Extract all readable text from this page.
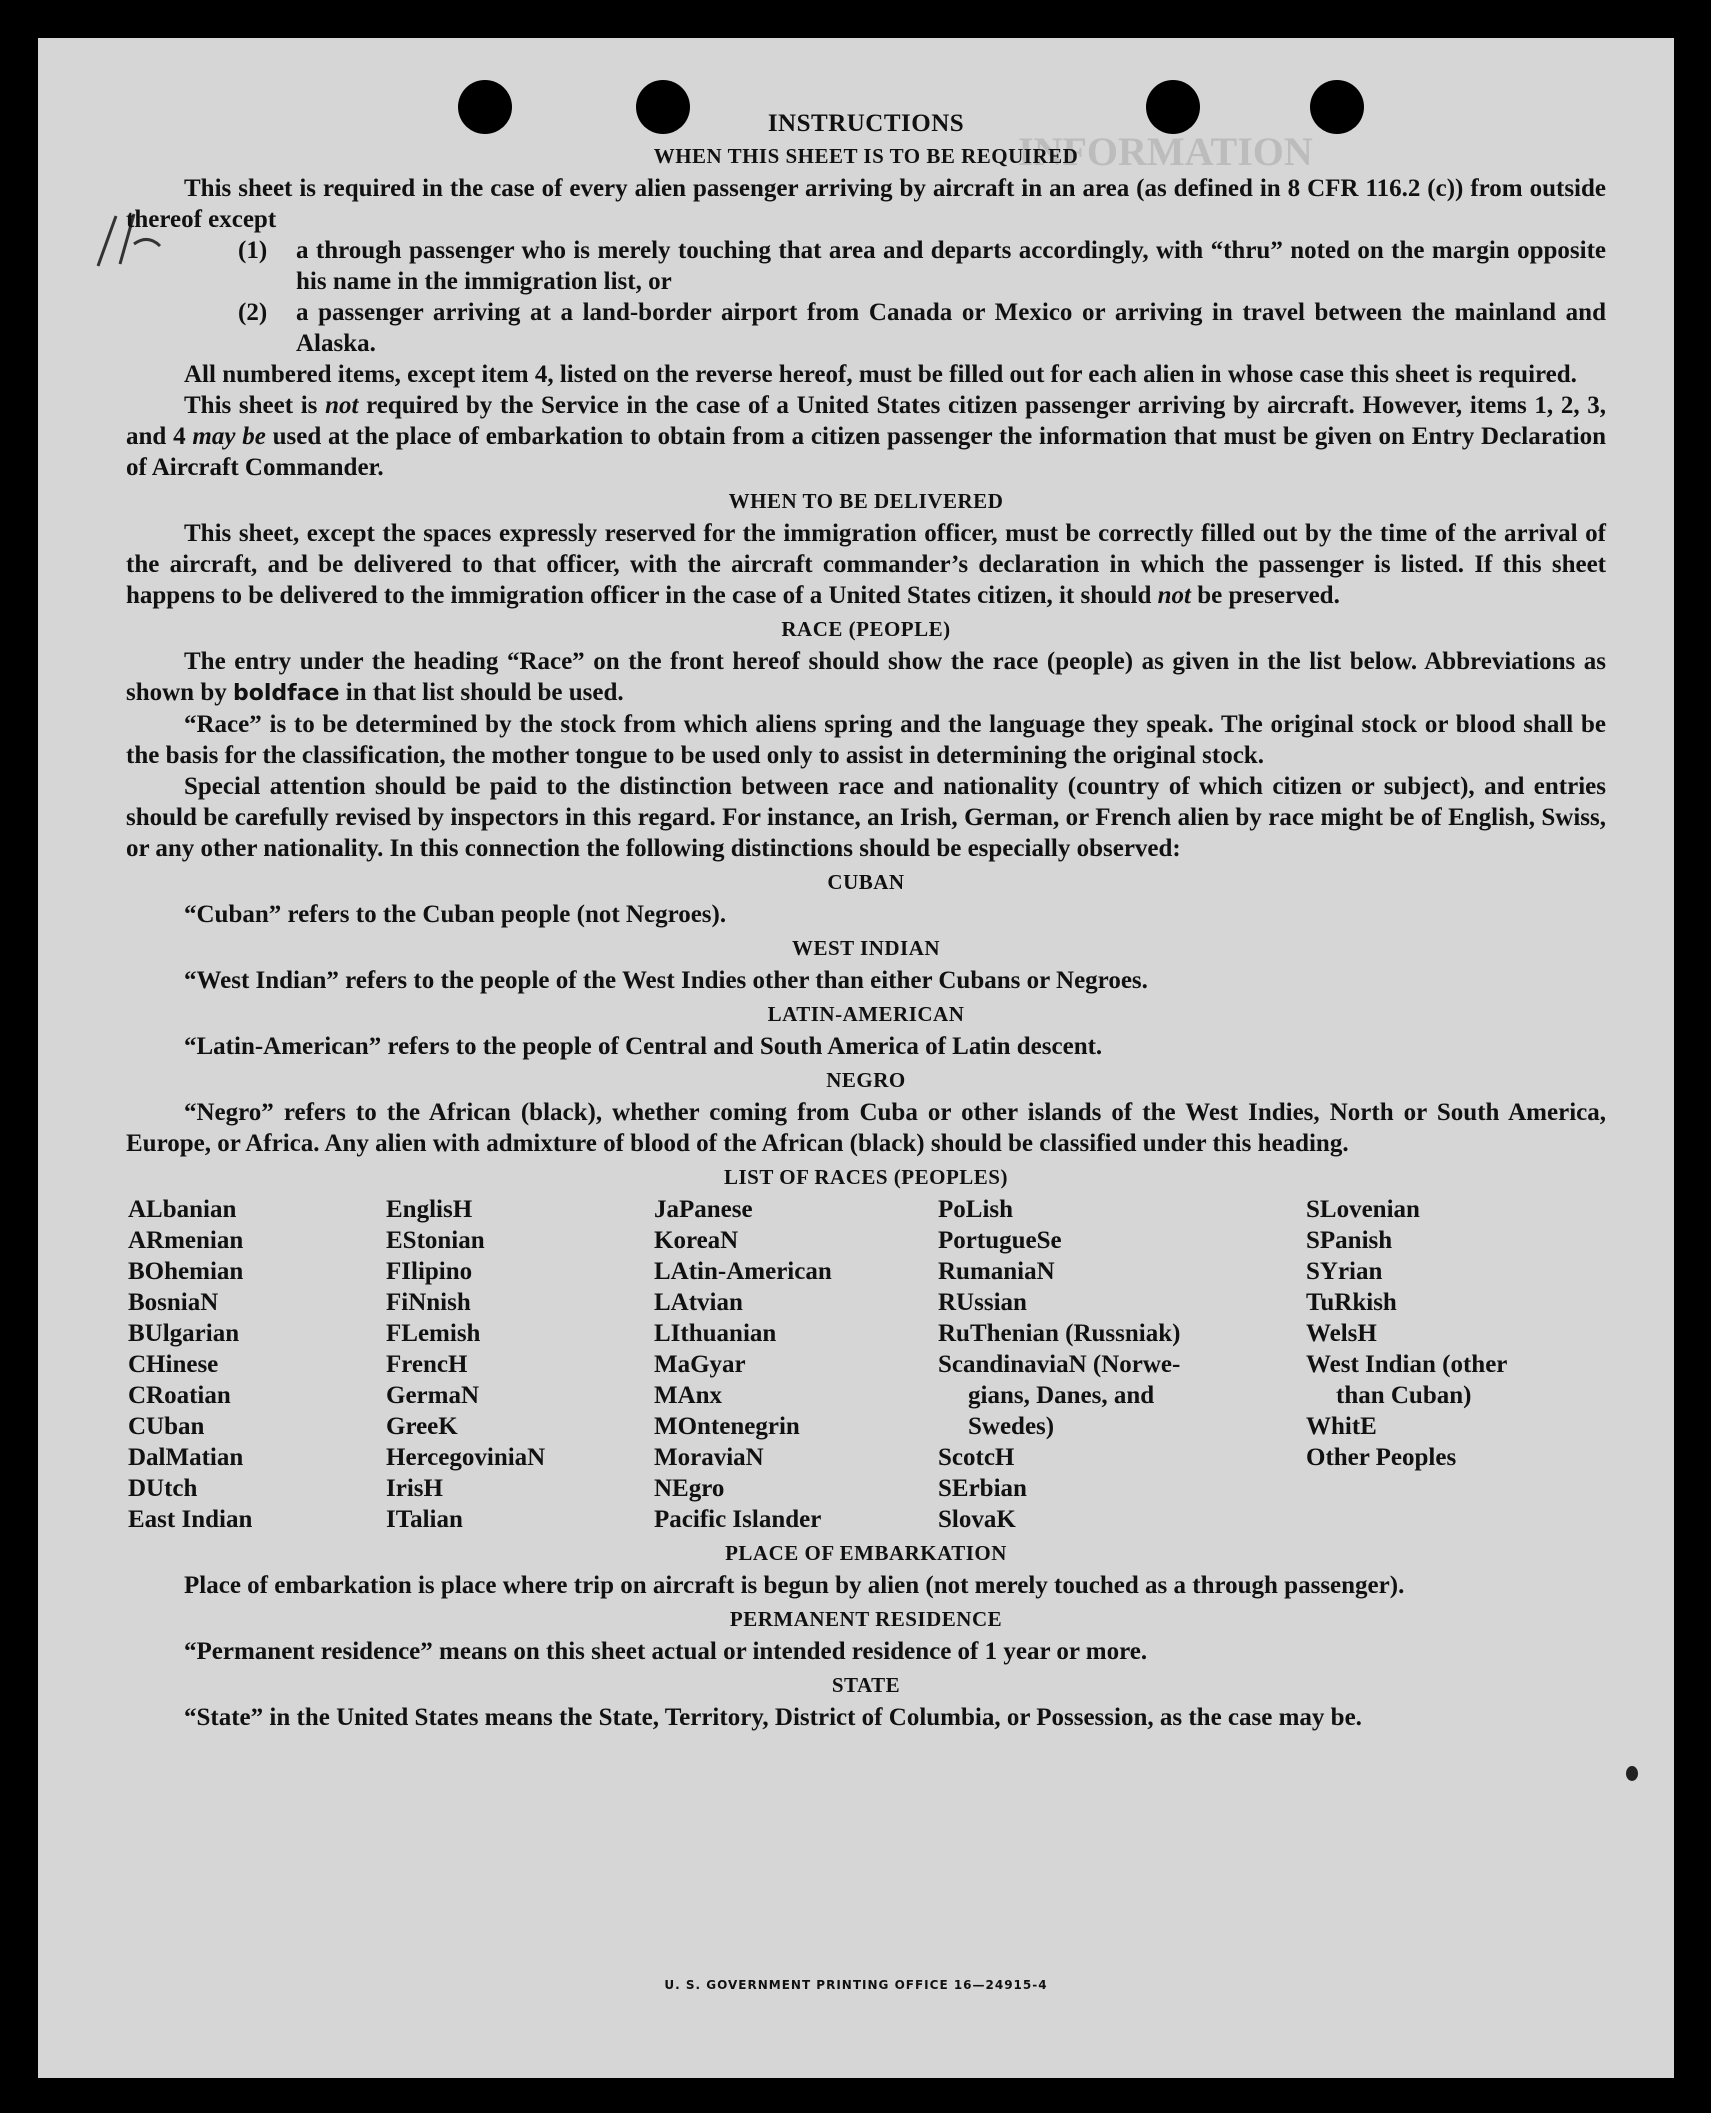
INFORMATION
INSTRUCTIONS
WHEN THIS SHEET IS TO BE REQUIRED

This sheet is required in the case of every alien passenger arriving by aircraft in an area (as defined in 8 CFR 116.2 (c)) from outside thereof except

(1)	a through passenger who is merely touching that area and departs accordingly, with “thru” noted on the margin opposite his name in the immigration list, or
(2)	a passenger arriving at a land-border airport from Canada or Mexico or arriving in travel between the mainland and Alaska.

All numbered items, except item 4, listed on the reverse hereof, must be filled out for each alien in whose case this sheet is required.

This sheet is not required by the Service in the case of a United States citizen passenger arriving by aircraft. However, items 1, 2, 3, and 4 may be used at the place of embarkation to obtain from a citizen passenger the information that must be given on Entry Declaration of Aircraft Commander.

WHEN TO BE DELIVERED

This sheet, except the spaces expressly reserved for the immigration officer, must be correctly filled out by the time of the arrival of the aircraft, and be delivered to that officer, with the aircraft commander’s declaration in which the passenger is listed. If this sheet happens to be delivered to the immigration officer in the case of a United States citizen, it should not be preserved.

RACE (PEOPLE)

The entry under the heading “Race” on the front hereof should show the race (people) as given in the list below. Abbreviations as shown by boldface in that list should be used.

“Race” is to be determined by the stock from which aliens spring and the language they speak. The original stock or blood shall be the basis for the classification, the mother tongue to be used only to assist in determining the original stock.

Special attention should be paid to the distinction between race and nationality (country of which citizen or subject), and entries should be carefully revised by inspectors in this regard. For instance, an Irish, German, or French alien by race might be of English, Swiss, or any other nationality. In this connection the following distinctions should be especially observed:

CUBAN

“Cuban” refers to the Cuban people (not Negroes).

WEST INDIAN

“West Indian” refers to the people of the West Indies other than either Cubans or Negroes.

LATIN-AMERICAN

“Latin-American” refers to the people of Central and South America of Latin descent.

NEGRO

“Negro” refers to the African (black), whether coming from Cuba or other islands of the West Indies, North or South America, Europe, or Africa. Any alien with admixture of blood of the African (black) should be classified under this heading.

LIST OF RACES (PEOPLES)
ALbanian
ARmenian
BOhemian
BosniaN
BUlgarian
CHinese
CRoatian
CUban
DalMatian
DUtch
East Indian
EnglisH
EStonian
FIlipino
FiNnish
FLemish
FrencH
GermaN
GreeK
HercegoviniaN
IrisH
ITalian
JaPanese
KoreaN
LAtin-American
LAtvian
LIthuanian
MaGyar
MAnx
MOntenegrin
MoraviaN
NEgro
Pacific Islander
PoLish
PortugueSe
RumaniaN
RUssian
RuThenian (Russniak)
ScandinaviaN (Norwe-
gians, Danes, and
Swedes)
ScotcH
SErbian
SlovaK
SLovenian
SPanish
SYrian
TuRkish
WelsH
West Indian (other
than Cuban)
WhitE
Other Peoples
PLACE OF EMBARKATION

Place of embarkation is place where trip on aircraft is begun by alien (not merely touched as a through passenger).

PERMANENT RESIDENCE

“Permanent residence” means on this sheet actual or intended residence of 1 year or more.

STATE

“State” in the United States means the State, Territory, District of Columbia, or Possession, as the case may be.

U. S. GOVERNMENT PRINTING OFFICE 16—24915-4
